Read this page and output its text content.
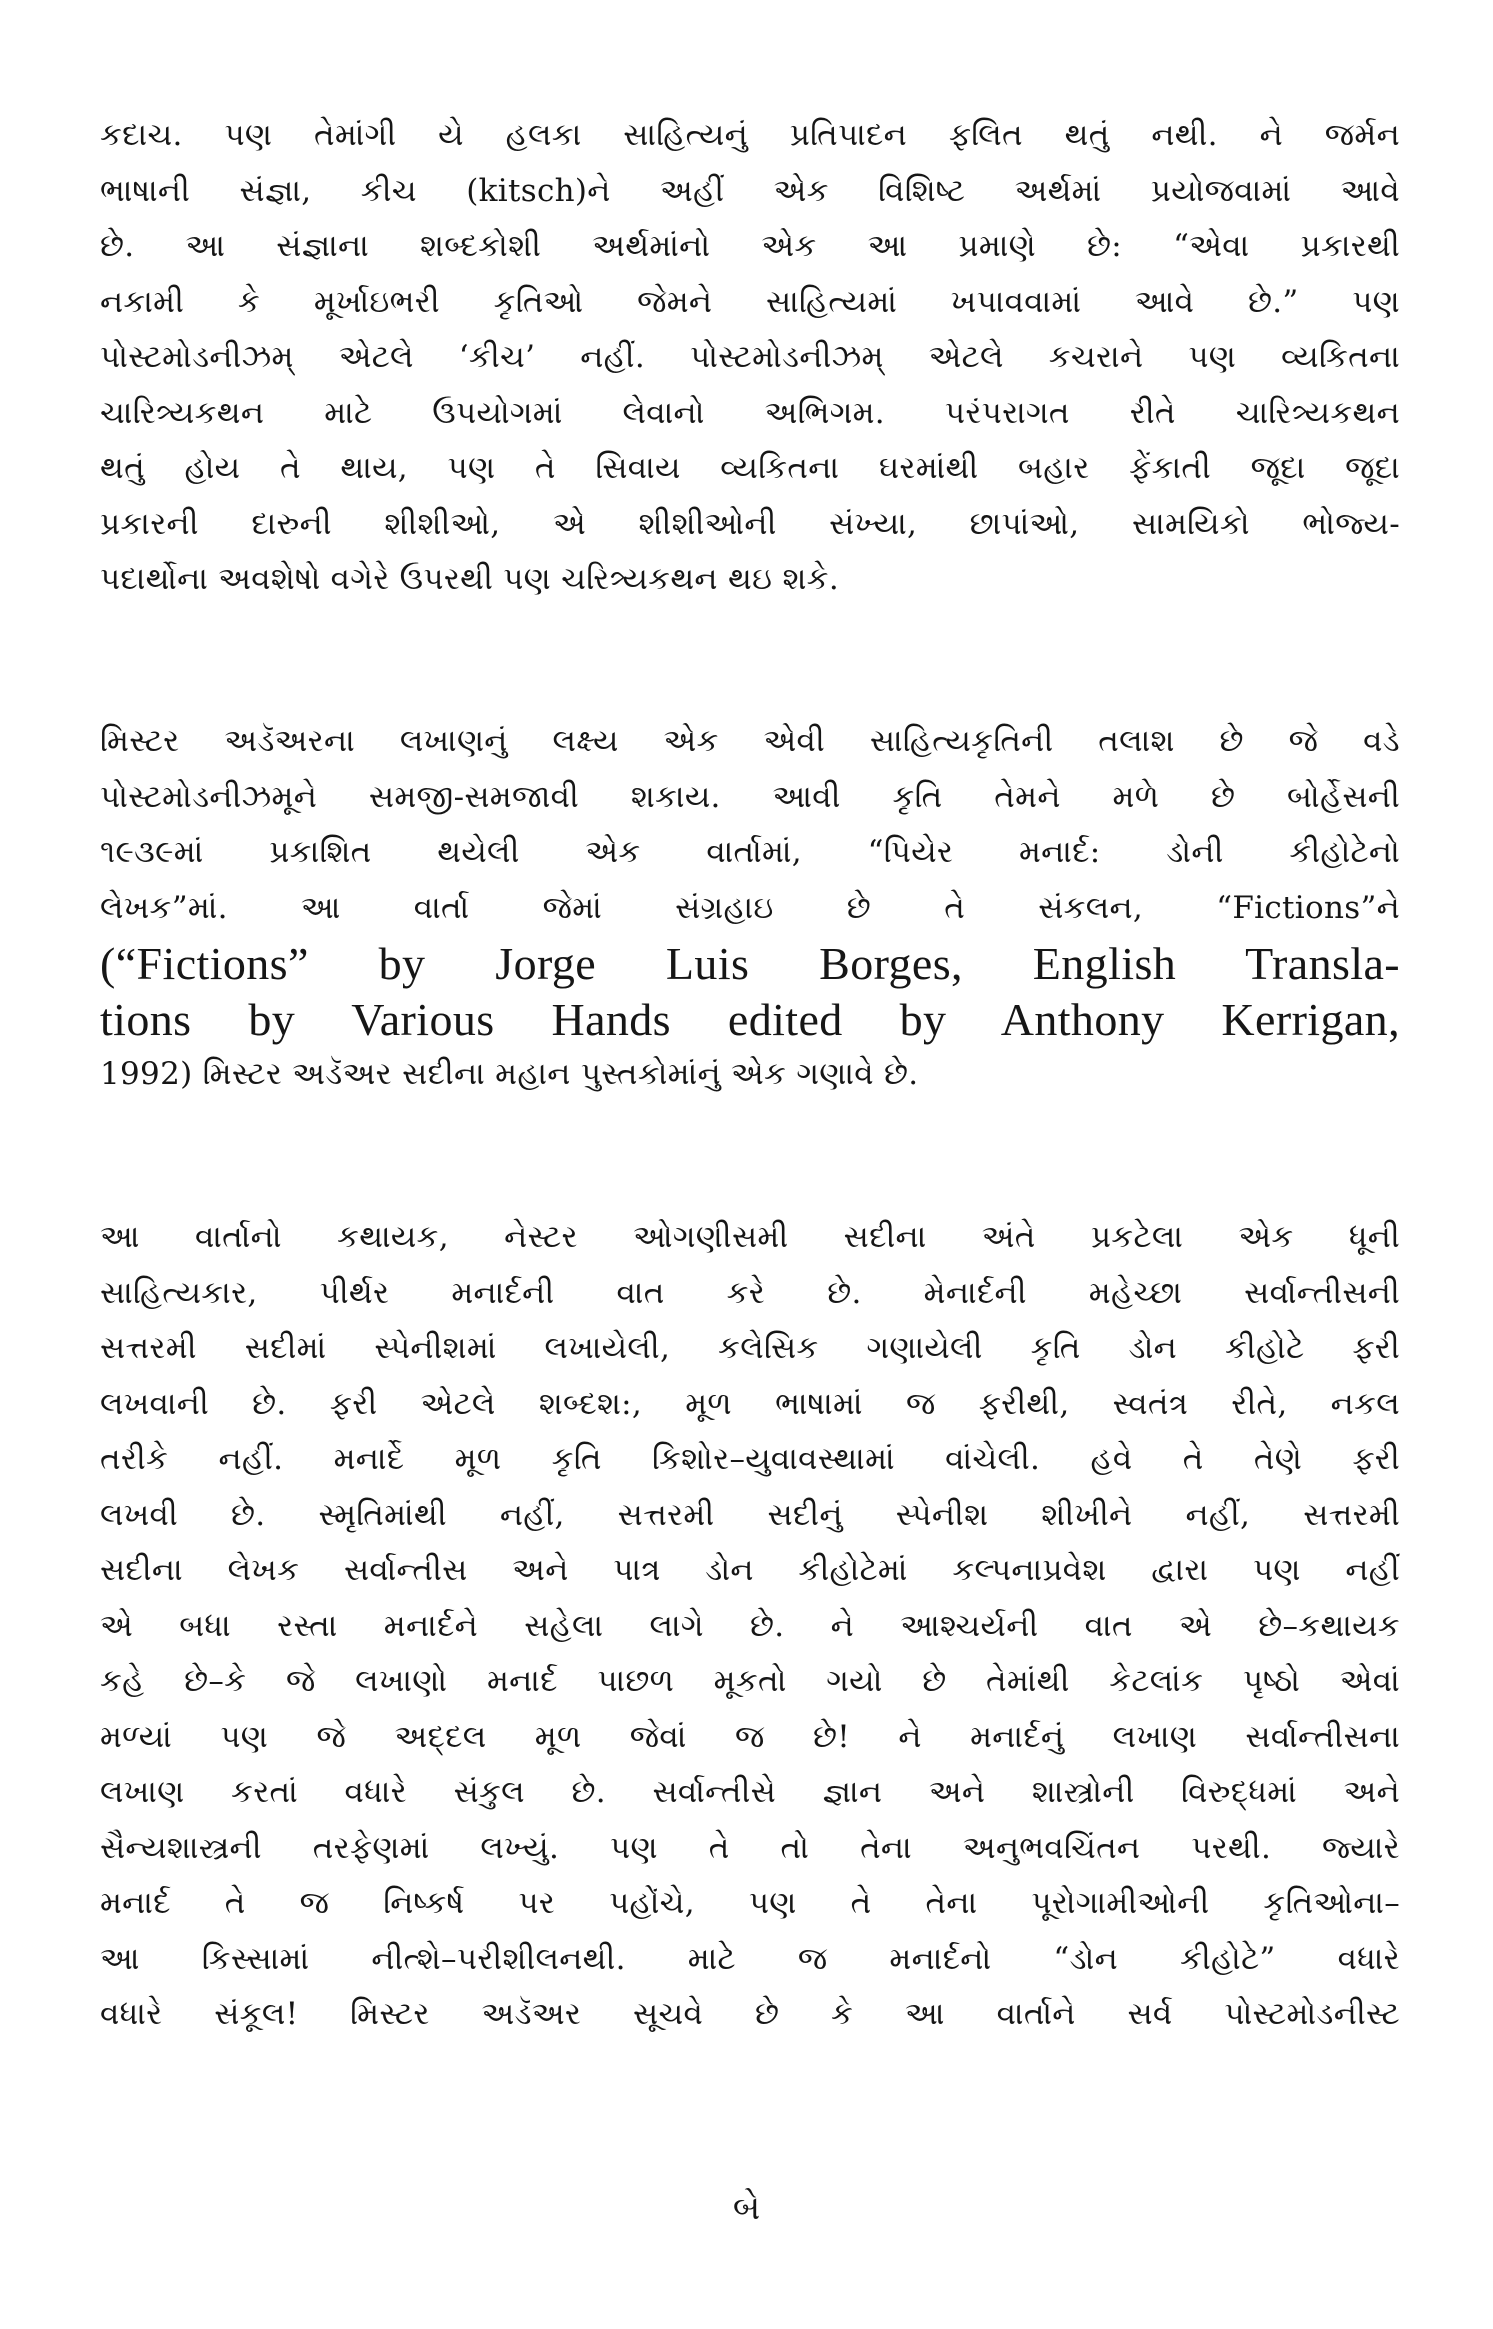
કદાચ. પણ તેમાંગી યે હલકા સાહિત્યનું પ્રતિપાદન ફલિત થતું નથી. ને જર્મન
ભાષાની સંજ્ઞા, કીચ (kitsch)ને અહીં એક વિશિષ્ટ અર્થમાં પ્રયોજવામાં આવે
છે. આ સંજ્ઞાના શબ્દકોશી અર્થમાંનો એક આ પ્રમાણે છે: “એવા પ્રકારથી
નકામી કે મૂર્ખાઇભરી કૃતિઓ જેમને સાહિત્યમાં ખપાવવામાં આવે છે.” પણ
પોસ્ટમોડનીઝમ્ એટલે ‘કીચ’ નહીં. પોસ્ટમોડનીઝમ્ એટલે કચરાને પણ વ્યકિતના
ચારિત્ર્યકથન માટે ઉપયોગમાં લેવાનો અભિગમ. પરંપરાગત રીતે ચારિત્ર્યકથન
થતું હોય તે થાય, પણ તે સિવાય વ્યકિતના ઘરમાંથી બહાર ફેંકાતી જૂદા જૂદા
પ્રકારની દારુની શીશીઓ, એ શીશીઓની સંખ્યા, છાપાંઓ, સામયિકો ભોજ્ય-
પદાર્થોના અવશેષો વગેરે ઉપરથી પણ ચરિત્ર્યકથન થઇ શકે.
મિસ્ટર અડૅઅરના લખાણનું લક્ષ્ય એક એવી સાહિત્યકૃતિની તલાશ છે જે વડે
પોસ્ટમોડનીઝમૂને સમજી-સમજાવી શકાય. આવી કૃતિ તેમને મળે છે બોર્હેસની
૧૯૩૯માં પ્રકાશિત થયેલી એક વાર્તામાં, “પિયેર મનાર્દ: ડોની કીહોટેનો
લેખક”માં. આ વાર્તા જેમાં સંગ્રહાઇ છે તે સંકલન, “Fictions”ને
(“Fictions” by Jorge Luis Borges, English Transla-
tions by Various Hands edited by Anthony Kerrigan,
1992) મિસ્ટર અડૅઅર સદીના મહાન પુસ્તકોમાંનું એક ગણાવે છે.
આ વાર્તાનો કથાયક, નેસ્ટર ઓગણીસમી સદીના અંતે પ્રકટેલા એક ધૂની
સાહિત્યકાર, પીર્થર મનાર્દની વાત કરે છે. મેનાર્દની મહેચ્છા સર્વાન્તીસની
સત્તરમી સદીમાં સ્પેનીશમાં લખાયેલી, કલેસિક ગણાયેલી કૃતિ ડોન કીહોટે ફરી
લખવાની છે. ફરી એટલે શબ્દશ:, મૂળ ભાષામાં જ ફરીથી, સ્વતંત્ર રીતે, નકલ
તરીકે નહીં. મનાર્દે મૂળ કૃતિ કિશોર–યુવાવસ્થામાં વાંચેલી. હવે તે તેણે ફરી
લખવી છે. સ્મૃતિમાંથી નહીં, સત્તરમી સદીનું સ્પેનીશ શીખીને નહીં, સત્તરમી
સદીના લેખક સર્વાન્તીસ અને પાત્ર ડોન કીહોટેમાં કલ્પનાપ્રવેશ દ્વારા પણ નહીં
એ બધા રસ્તા મનાર્દને સહેલા લાગે છે. ને આશ્ચર્યની વાત એ છે–કથાયક
કહે છે–કે જે લખાણો મનાર્દ પાછળ મૂકતો ગયો છે તેમાંથી કેટલાંક પૃષ્ઠો એવાં
મળ્યાં પણ જે અદ્દલ મૂળ જેવાં જ છે! ને મનાર્દનું લખાણ સર્વાન્તીસના
લખાણ કરતાં વધારે સંકુલ છે. સર્વાન્તીસે જ્ઞાન અને શાસ્ત્રોની વિરુદ્ધમાં અને
સૈન્યશાસ્ત્રની તરફેણમાં લખ્યું. પણ તે તો તેના અનુભવચિંતન પરથી. જ્યારે
મનાર્દ તે જ નિષ્કર્ષ પર પહોંચે, પણ તે તેના પૂરોગામીઓની કૃતિઓના–
આ કિસ્સામાં નીત્શે–પરીશીલનથી. માટે જ મનાર્દનો “ડોન કીહોટે” વધારે
વધારે સંકૂલ! મિસ્ટર અડૅઅર સૂચવે છે કે આ વાર્તાને સર્વ પોસ્ટમોડનીસ્ટ
બે
